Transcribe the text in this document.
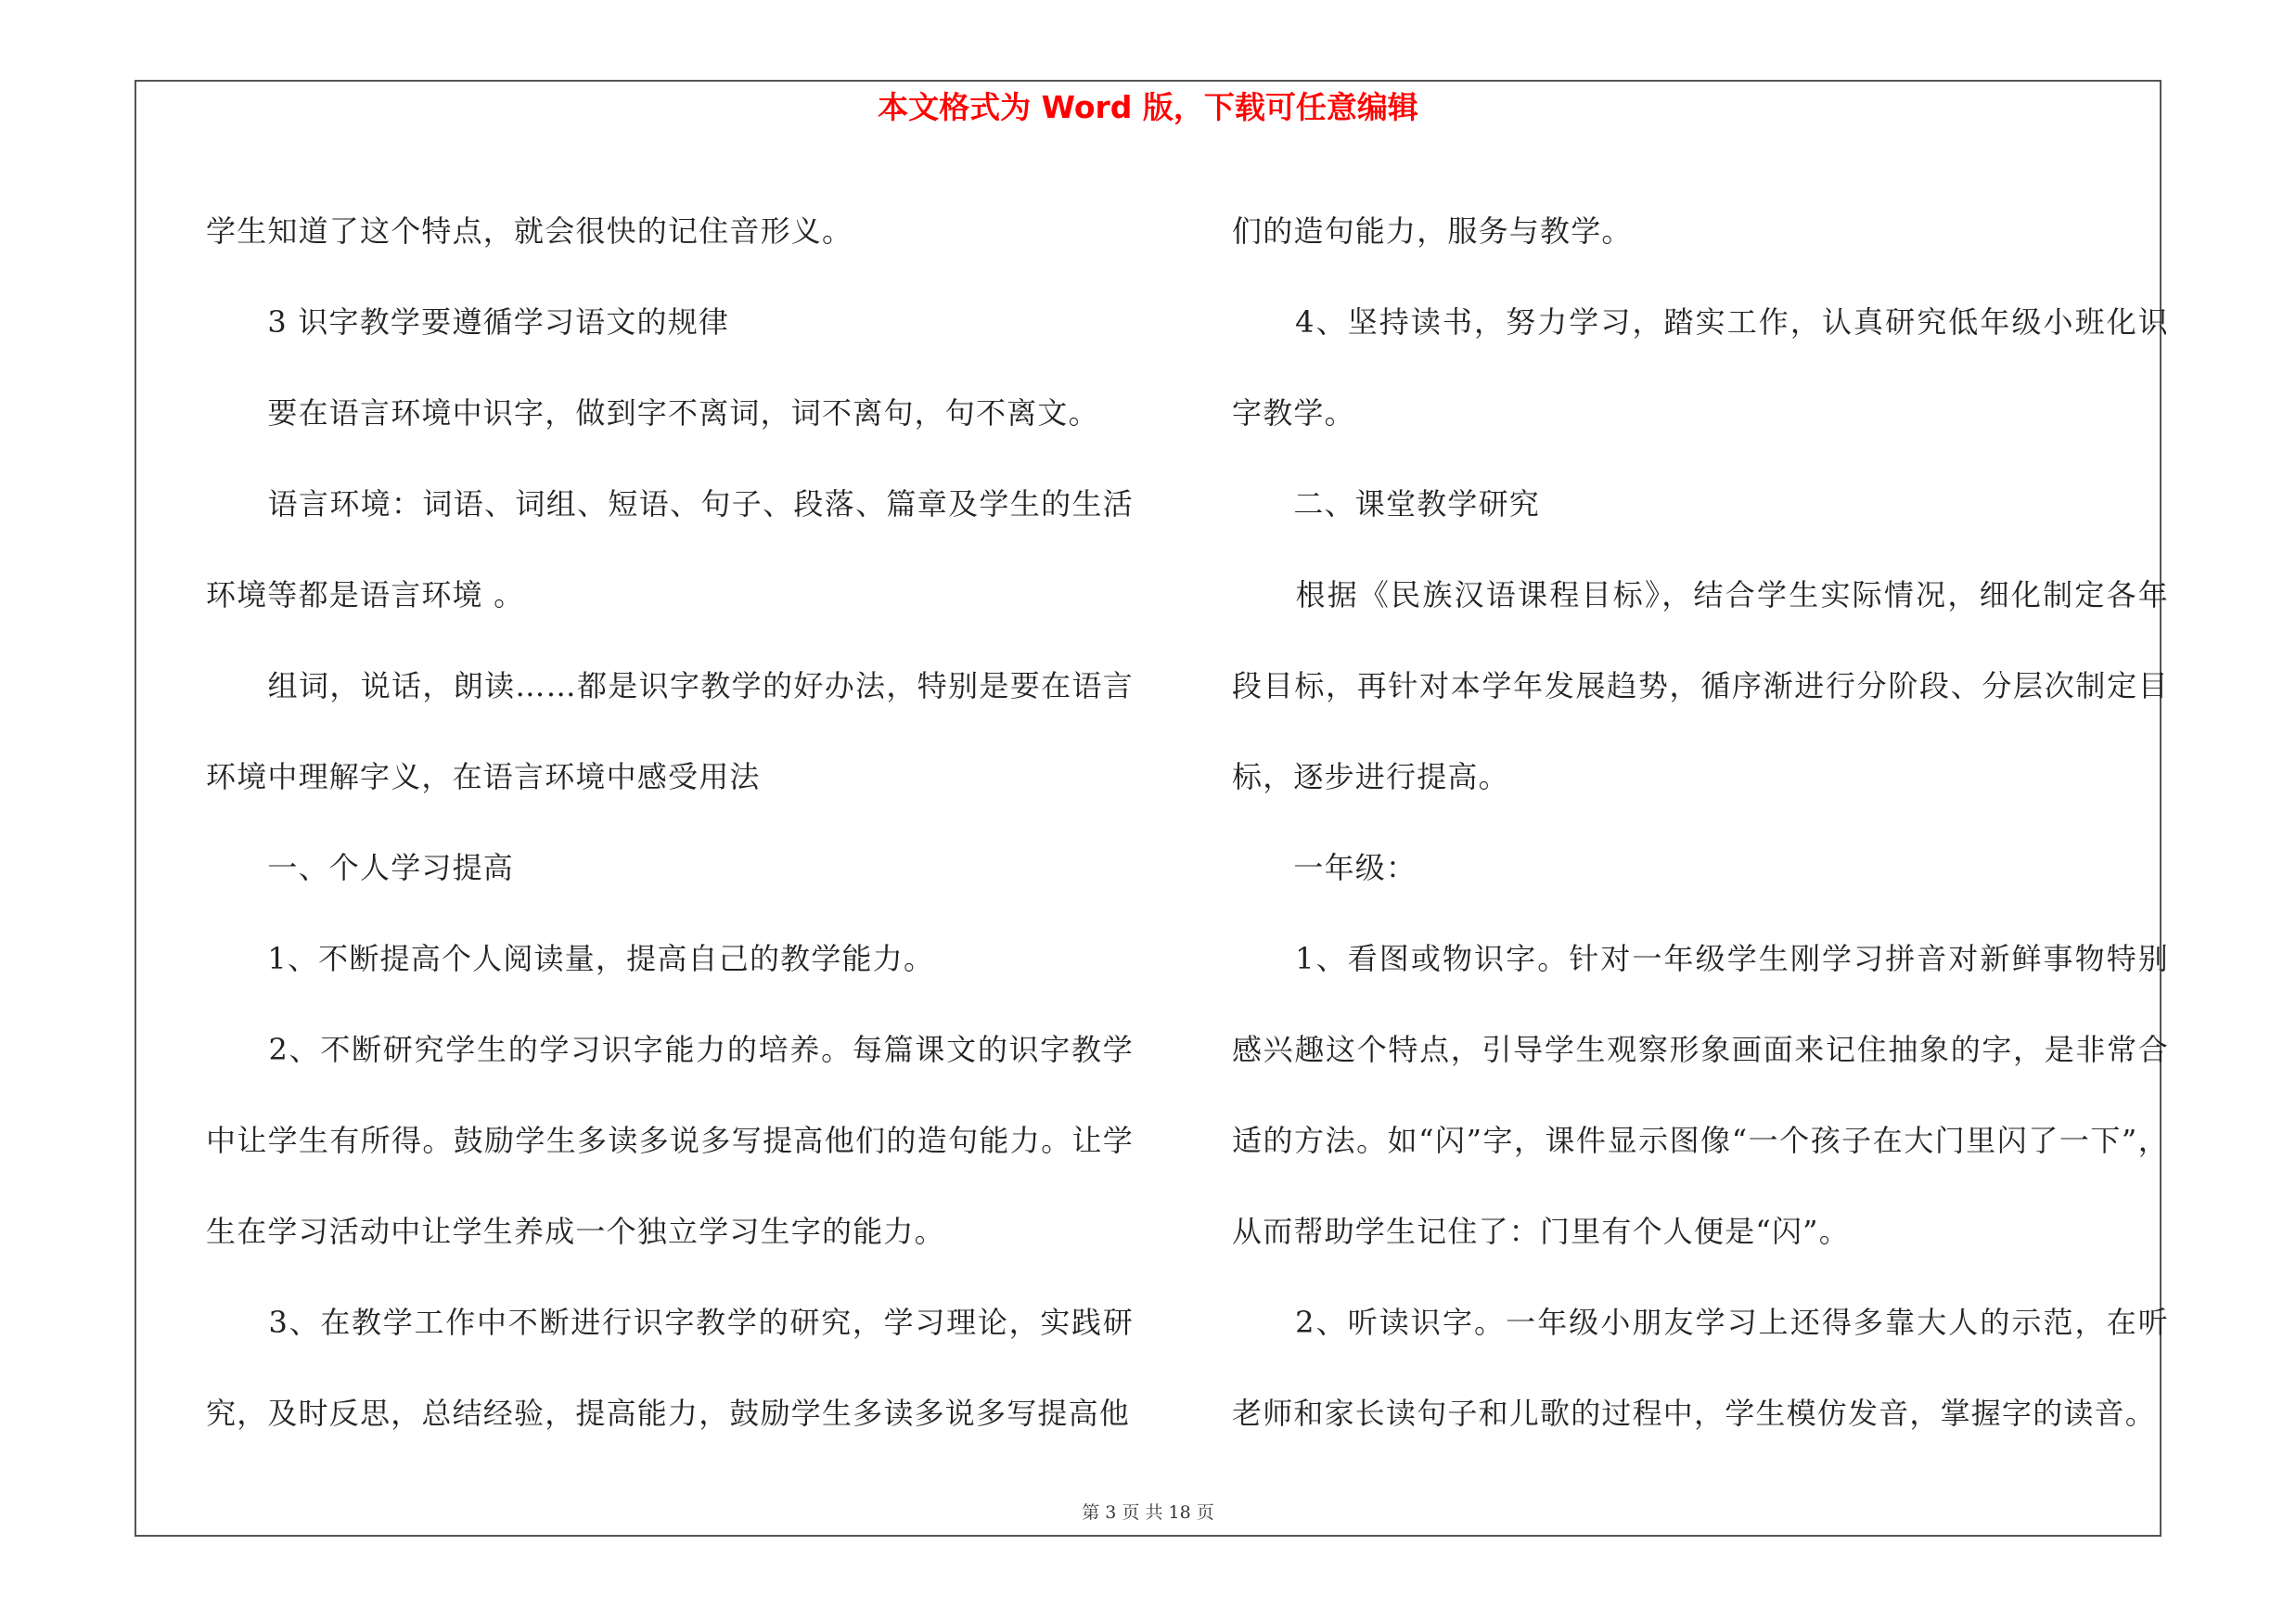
本文格式为 Word 版，下载可任意编辑

学生知道了这个特点，就会很快的记住音形义。

　　3 识字教学要遵循学习语文的规律

　　要在语言环境中识字，做到字不离词，词不离句，句不离文。

　　语言环境：词语、词组、短语、句子、段落、篇章及学生的生活环境等都是语言环境 。

　　组词，说话，朗读……都是识字教学的好办法，特别是要在语言环境中理解字义，在语言环境中感受用法

　　一、个人学习提高

　　1、不断提高个人阅读量，提高自己的教学能力。

　　2、不断研究学生的学习识字能力的培养。每篇课文的识字教学中让学生有所得。鼓励学生多读多说多写提高他们的造句能力。让学生在学习活动中让学生养成一个独立学习生字的能力。

　　3、在教学工作中不断进行识字教学的研究，学习理论，实践研究，及时反思，总结经验，提高能力，鼓励学生多读多说多写提高他

们的造句能力，服务与教学。

　　4、坚持读书，努力学习，踏实工作，认真研究低年级小班化识字教学。

　　二、课堂教学研究

　　根据《民族汉语课程目标》，结合学生实际情况，细化制定各年段目标，再针对本学年发展趋势，循序渐进行分阶段、分层次制定目标，逐步进行提高。

　　一年级：

　　1、看图或物识字。针对一年级学生刚学习拼音对新鲜事物特别感兴趣这个特点，引导学生观察形象画面来记住抽象的字，是非常合适的方法。如“闪”字，课件显示图像“一个孩子在大门里闪了一下”，从而帮助学生记住了：门里有个人便是“闪”。

　　2、听读识字。一年级小朋友学习上还得多靠大人的示范，在听老师和家长读句子和儿歌的过程中，学生模仿发音，掌握字的读音。

第 3 页 共 18 页
